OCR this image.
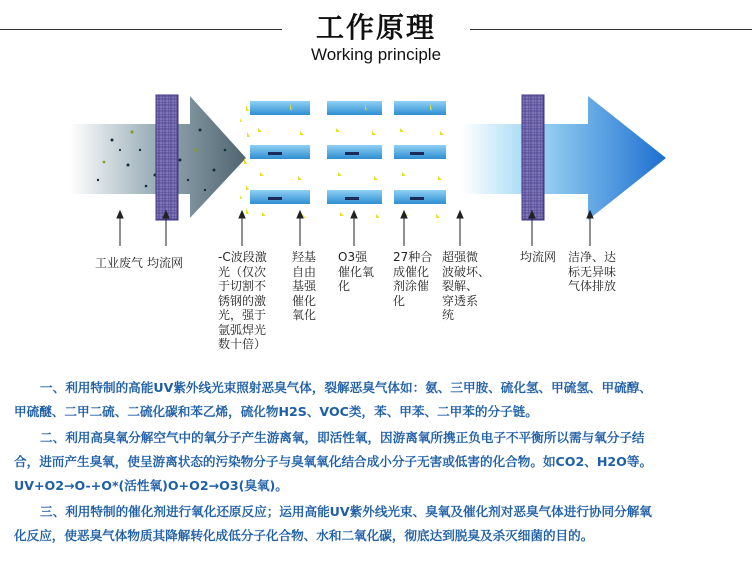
工作原理
Working principle
工业废气 均流网	-C波段激
光（仅次
于切割不
锈钢的激
光，强于
氩弧焊光
数十倍）
羟基
自由
基强
催化
氧化
O3强
催化氧
化
27种合
成催化
剂涂催
化
超强微
波破坏、
裂解、
穿透系
统
均流网 洁净、达
标无异味
气体排放
一、利用特制的高能UV紫外线光束照射恶臭气体，裂解恶臭气体如：氨、三甲胺、硫化氢、甲硫氢、甲硫醇、
甲硫醚、二甲二硫、二硫化碳和苯乙烯，硫化物H2S、VOC类，苯、甲苯、二甲苯的分子链。
二、利用高臭氧分解空气中的氧分子产生游离氧，即活性氧，因游离氧所携正负电子不平衡所以需与氧分子结
合，进而产生臭氧，使呈游离状态的污染物分子与臭氧氧化结合成小分子无害或低害的化合物。如CO2、H2O等。
UV+O2→O-+O*(活性氧)O+O2→O3(臭氧)。
三、利用特制的催化剂进行氧化还原反应；运用高能UV紫外线光束、臭氧及催化剂对恶臭气体进行协同分解氧
化反应，使恶臭气体物质其降解转化成低分子化合物、水和二氧化碳，彻底达到脱臭及杀灭细菌的目的。
